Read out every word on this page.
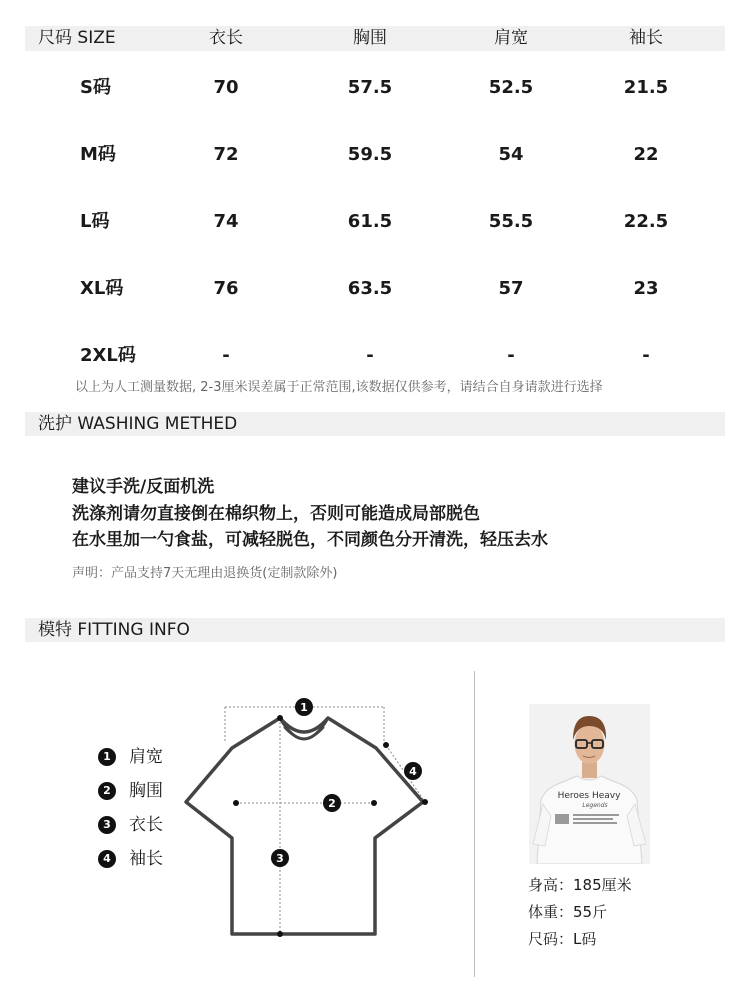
尺码 SIZE	衣长	胸围	肩宽	袖长
S码	70	57.5	52.5	21.5
M码	72	59.5	54	22
L码	74	61.5	55.5	22.5
XL码	76	63.5	57	23
2XL码	-	-	-	-
以上为人工测量数据, 2-3厘米误差属于正常范围,该数据仅供参考，请结合自身请款进行选择
洗护 WASHING METHED
建议手洗/反面机洗
洗涤剂请勿直接倒在棉织物上，否则可能造成局部脱色
在水里加一勺食盐，可减轻脱色，不同颜色分开清洗，轻压去水
声明：产品支持7天无理由退换货(定制款除外)
模特 FITTING INFO
1 肩宽
2 胸围
3 衣长
4 袖长
1
2
3
4
Heroes Heavy
Legends
身高：185厘米
体重：55斤
尺码：L码
